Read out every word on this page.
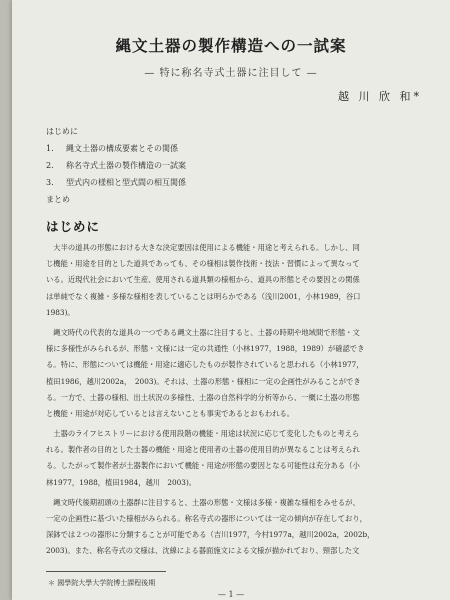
縄文土器の製作構造への一試案
— 特に称名寺式土器に注目して —
越 川 欣 和*
はじめに
1. 縄文土器の構成要素とその関係
2. 称名寺式土器の製作構造の一試案
3. 型式内の様相と型式間の相互関係
まとめ
はじめに
　大半の道具の形態における大きな決定要因は使用による機能・用途と考えられる。しかし、同
じ機能・用途を目的とした道具であっても、その様相は製作技術・技法・習慣によって異なって
いる。近現代社会において生産、使用される道具類の様相から、道具の形態とその要因との関係
は単純でなく複雑・多様な様相を表していることは明らかである（浅川2001，小林1989，谷口
1983)。
　縄文時代の代表的な道具の一つである縄文土器に注目すると、土器の時期や地域間で形態・文
様に多様性がみられるが、形態・文様には一定の共通性（小林1977，1988，1989）が確認でき
る。特に、形態については機能・用途に適応したものが製作されていると思われる（小林1977，
植田1986，越川2002a，　2003)。それは、土器の形態・様相に一定の企画性がみることができ
る。一方で、土器の様相、出土状況の多様性、土器の自然科学的分析等から、一概に土器の形態
と機能・用途が対応しているとは言えないことも事実であるとおもわれる。
　土器のライフヒストリーにおける使用段階の機能・用途は状況に応じて変化したものと考えら
れる。製作者の目的とした土器の機能・用途と使用者の土器の使用目的が異なることは考えられ
る。したがって製作者が土器製作において機能・用途が形態の要因となる可能性は充分ある（小
林1977，1988，植田1984，越川　2003)。
　縄文時代後期初頭の土器群に注目すると、土器の形態・文様は多様・複雑な様相をみせるが、
一定の企画性に基づいた様相がみられる。称名寺式の器形については一定の傾向が存在しており，
深鉢では２つの器形に分類することが可能である（吉川1977，今村1977a，越川2002a，2002b，
2003)。また、称名寺式の文様は、沈線による器面施文による文様が描かれており、頸部した文
＊ 國學院大學大学院博士課程後期
— 1 —
